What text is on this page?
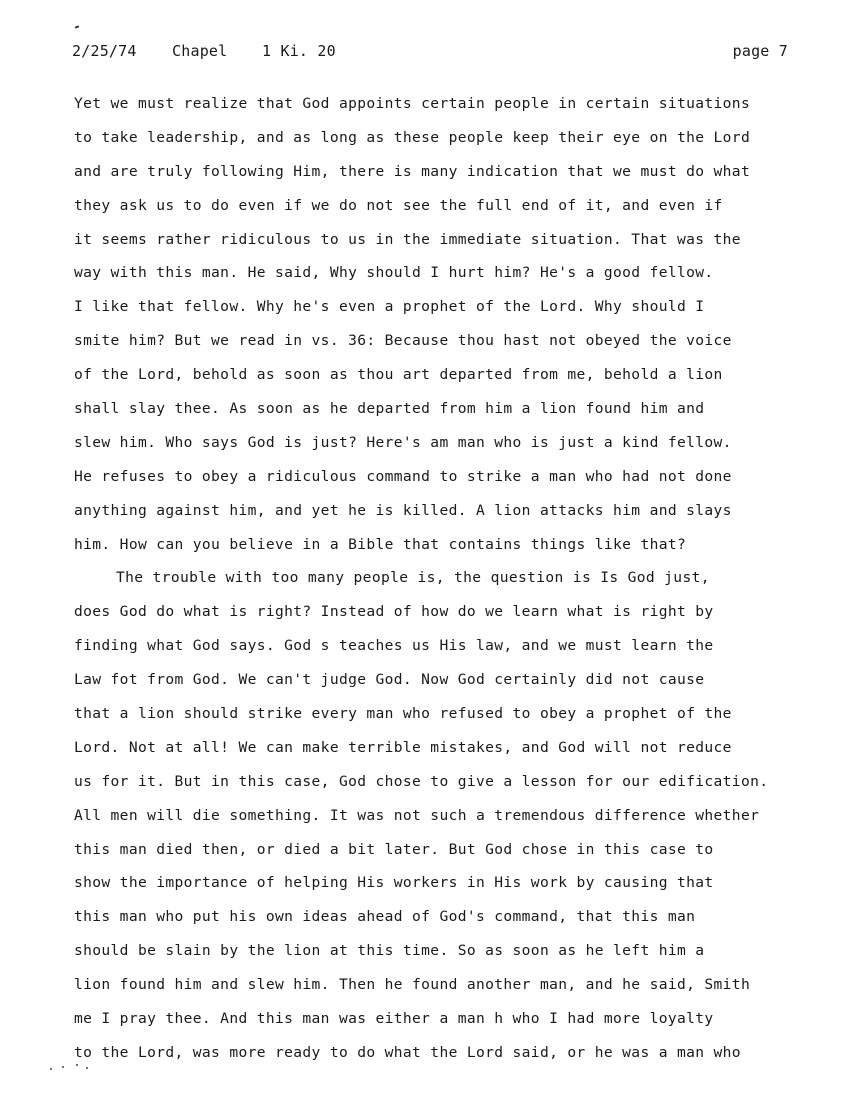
2/25/74 Chapel 1 Ki. 20	page 7
Yet we must realize that God appoints certain people in certain situations
to take leadership, and as long as these people keep their eye on the Lord
and are truly following Him, there is many indication that we must do what
they ask us to do even if we do not see the full end of it, and even if
it seems rather ridiculous to us in the immediate situation. That was the
way with this man. He said, Why should I hurt him? He's a good fellow.
I like that fellow. Why he's even a prophet of the Lord. Why should I
smite him? But we read in vs. 36: Because thou hast not obeyed the voice
of the Lord, behold as soon as thou art departed from me, behold a lion
shall slay thee. As soon as he departed from him a lion found him and
slew him. Who says God is just? Here's am man who is just a kind fellow.
He refuses to obey a ridiculous command to strike a man who had not done
anything against him, and yet he is killed. A lion attacks him and slays
him. How can you believe in a Bible that contains things like that?
The trouble with too many people is, the question is Is God just,
does God do what is right? Instead of how do we learn what is right by
finding what God says. God s teaches us His law, and we must learn the
Law fot from God. We can't judge God. Now God certainly did not cause
that a lion should strike every man who refused to obey a prophet of the
Lord. Not at all! We can make terrible mistakes, and God will not reduce
us for it. But in this case, God chose to give a lesson for our edification.
All men will die something. It was not such a tremendous difference whether
this man died then, or died a bit later. But God chose in this case to
show the importance of helping His workers in His work by causing that
this man who put his own ideas ahead of God's command, that this man
should be slain by the lion at this time. So as soon as he left him a
lion found him and slew him. Then he found another man, and he said, Smith
me I pray thee. And this man was either a man h who I had more loyalty
to the Lord, was more ready to do what the Lord said, or he was a man who
